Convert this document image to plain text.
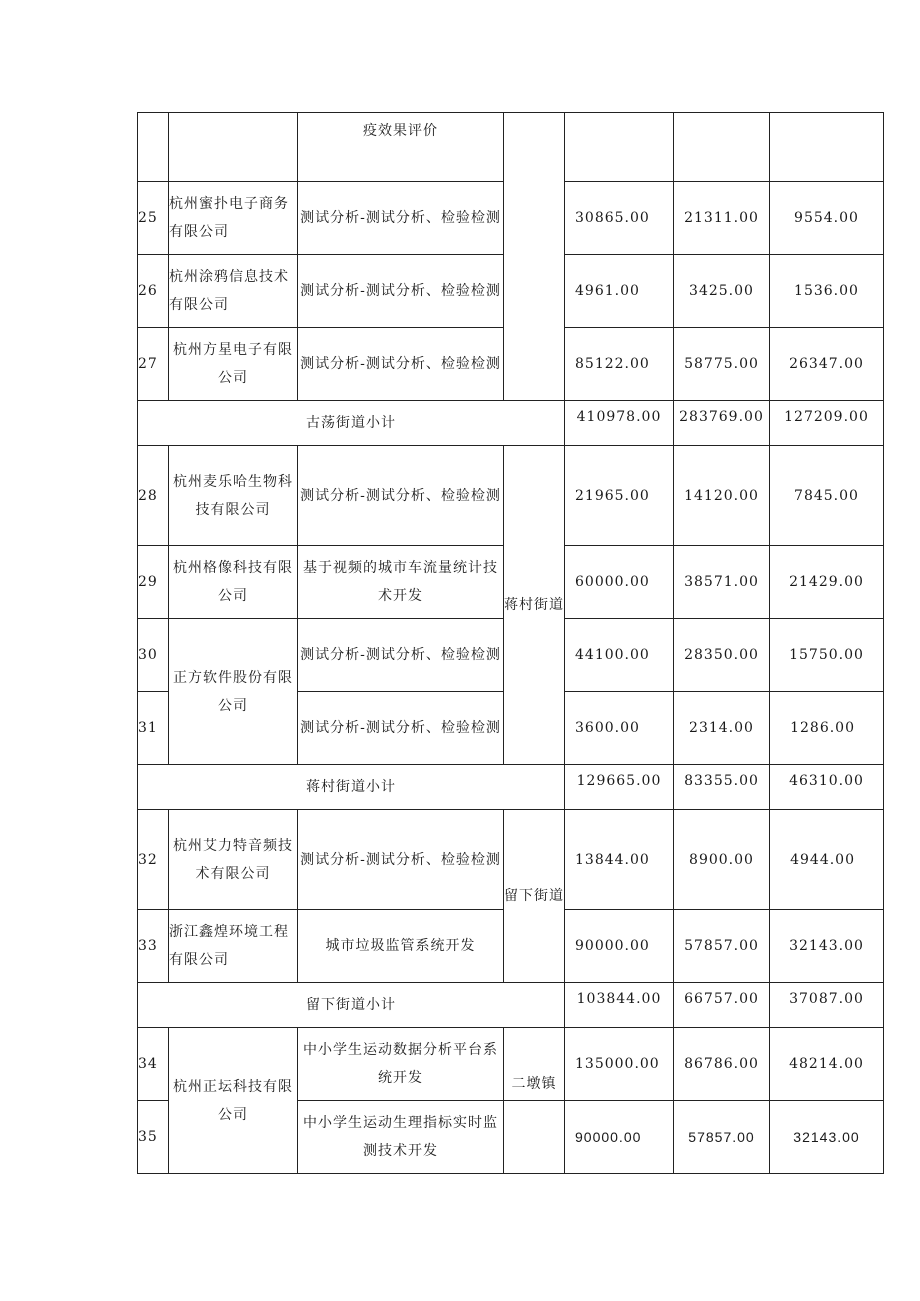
		疫效果评价				
25	杭州蜜扑电子商务有限公司	测试分析-测试分析、检验检测		30865.00	21311.00	9554.00
26	杭州涂鸦信息技术有限公司	测试分析-测试分析、检验检测		4961.00	3425.00	1536.00
27	杭州方星电子有限公司	测试分析-测试分析、检验检测		85122.00	58775.00	26347.00
古荡街道小计				410978.00	283769.00	127209.00
28	杭州麦乐哈生物科技有限公司	测试分析-测试分析、检验检测	蒋村街道	21965.00	14120.00	7845.00
29	杭州格像科技有限公司	基于视频的城市车流量统计技术开发		60000.00	38571.00	21429.00
30	正方软件股份有限公司	测试分析-测试分析、检验检测		44100.00	28350.00	15750.00
31		测试分析-测试分析、检验检测		3600.00	2314.00	1286.00
蒋村街道小计				129665.00	83355.00	46310.00
32	杭州艾力特音频技术有限公司	测试分析-测试分析、检验检测	留下街道	13844.00	8900.00	4944.00
33	浙江鑫煌环境工程有限公司	城市垃圾监管系统开发		90000.00	57857.00	32143.00
留下街道小计				103844.00	66757.00	37087.00
34	杭州正坛科技有限公司	中小学生运动数据分析平台系统开发	二墩镇	135000.00	86786.00	48214.00
35		中小学生运动生理指标实时监测技术开发		90000.00	57857.00	32143.00
